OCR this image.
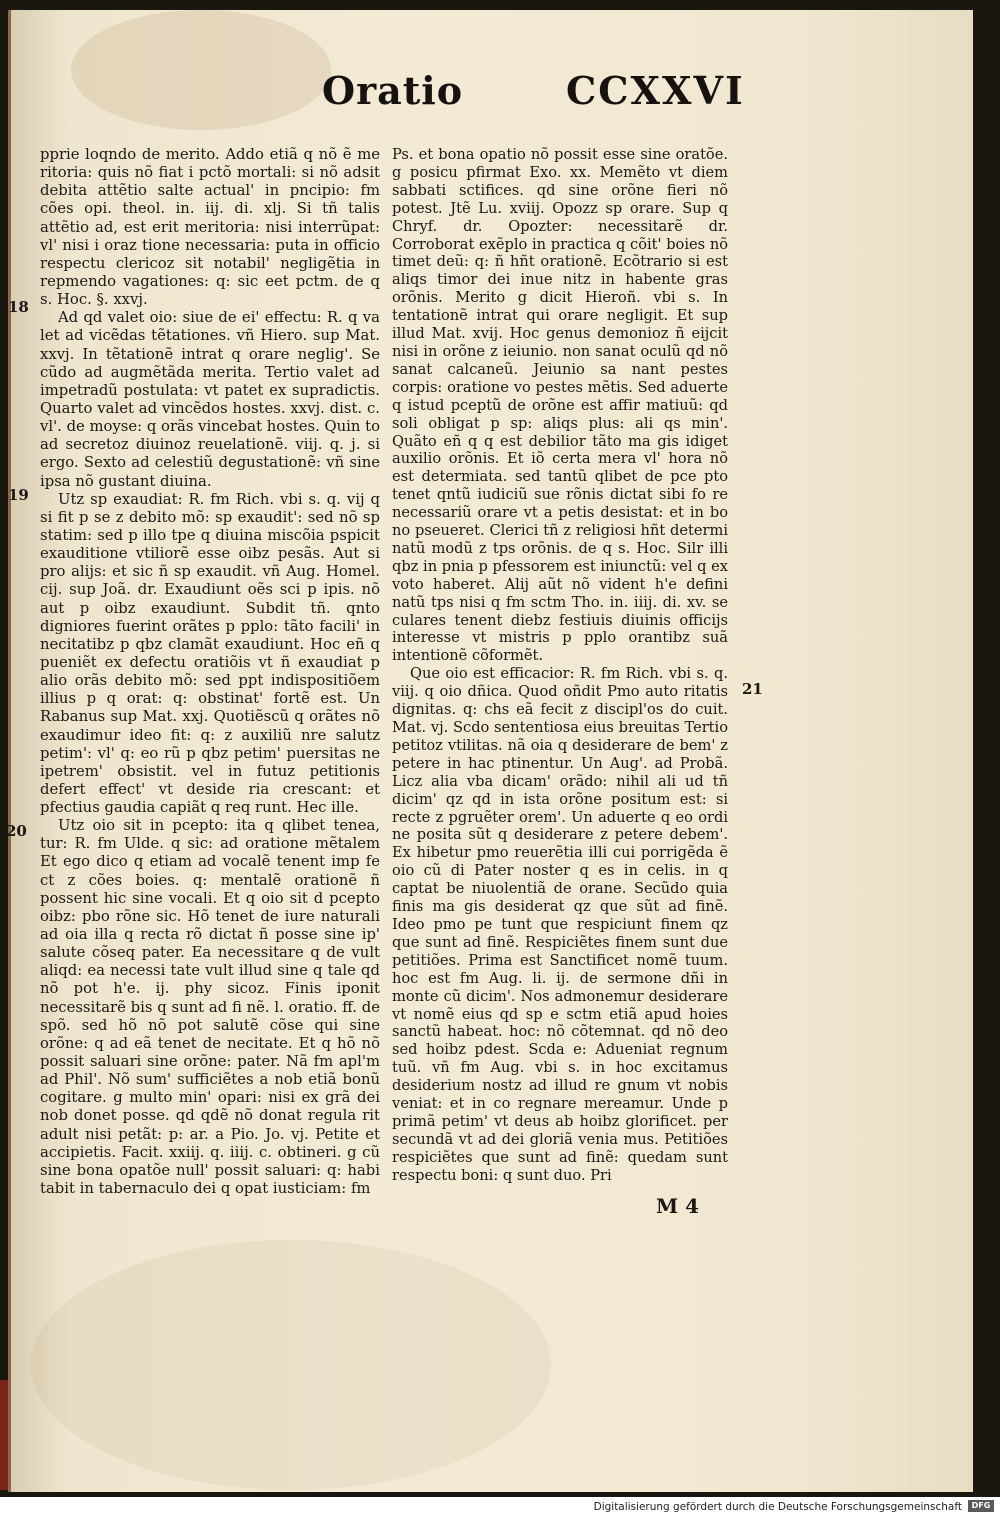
Oratio	CCXXVI

pprie loqndo de merito. Addo etiã q nõ ẽ me ritoria: quis nõ fiat i pctõ mortali: si nõ adsit debita attẽtio salte actual' in pncipio: fm cões opi. theol. in. iij. di. xlj. Si tñ talis attẽtio ad, est erit meritoria: nisi interrũpat: vl' nisi i oraz tione necessaria: puta in officio respectu clericoz sit notabil' negligẽtia in repmendo vagationes: q: sic eet pctm. de q s. Hoc. §. xxvj.

Ad qd valet oio: siue de ei' effectu: R. q va let ad vicẽdas tẽtationes. vñ Hiero. sup Mat. xxvj. In tẽtationẽ intrat q orare neglig'. Se cũdo ad augmẽtãda merita. Tertio valet ad impetradũ postulata: vt patet ex supradictis. Quarto valet ad vincẽdos hostes. xxvj. dist. c. vl'. de moyse: q orãs vincebat hostes. Quin to ad secretoz diuinoz reuelationẽ. viij. q. j. si ergo. Sexto ad celestiũ degustationẽ: vñ sine ipsa nõ gustant diuina.

Utz sp exaudiat: R. fm Rich. vbi s. q. vij q si fit p se z debito mõ: sp exaudit': sed nõ sp statim: sed p illo tpe q diuina miscõia pspicit exauditione vtiliorẽ esse oibz pesãs. Aut si pro alijs: et sic ñ sp exaudit. vñ Aug. Homel. cij. sup Joã. dr. Exaudiunt oẽs sci p ipis. nõ aut p oibz exaudiunt. Subdit tñ. qnto digniores fuerint orãtes p pplo: tãto facili' in necitatibz p qbz clamãt exaudiunt. Hoc eñ q pueniẽt ex defectu oratiõis vt ñ exaudiat p alio orãs debito mõ: sed ppt indispositiõem illius p q orat: q: obstinat' fortẽ est. Un Rabanus sup Mat. xxj. Quotiẽscũ q orãtes nõ exaudimur ideo fit: q: z auxiliũ nre salutz petim': vl' q: eo rũ p qbz petim' puersitas ne ipetrem' obsistit. vel in futuz petitionis defert effect' vt deside ria crescant: et pfectius gaudia capiãt q req runt. Hec ille.

Utz oio sit in pcepto: ita q qlibet tenea, tur: R. fm Ulde. q sic: ad oratione mẽtalem Et ego dico q etiam ad vocalẽ tenent imp fe ct z cões boies. q: mentalẽ orationẽ ñ possent hic sine vocali. Et q oio sit d pcepto oibz: pbo rõne sic. Hõ tenet de iure naturali ad oia illa q recta rõ dictat ñ posse sine ip' salute cõseq pater. Ea necessitare q de vult aliqd: ea necessi tate vult illud sine q tale qd nõ pot h'e. ij. phy sicoz. Finis iponit necessitarẽ bis q sunt ad fi nẽ. l. oratio. ff. de spõ. sed hõ nõ pot salutẽ cõse qui sine orõne: q ad eã tenet de necitate. Et q hõ nõ possit saluari sine orõne: pater. Nã fm apl'm ad Phil'. Nõ sum' sufficiẽtes a nob etiã bonũ cogitare. g multo min' opari: nisi ex grã dei nob donet posse. qd qdẽ nõ donat regula rit adult nisi petãt: p: ar. a Pio. Jo. vj. Petite et accipietis. Facit. xxiij. q. iiij. c. obtineri. g cũ sine bona opatõe null' possit saluari: q: habi tabit in tabernaculo dei q opat iusticiam: fm

Ps. et bona opatio nõ possit esse sine oratõe. g posicu pfirmat Exo. xx. Memẽto vt diem sabbati sctifices. qd sine orõne fieri nõ potest. Jtẽ Lu. xviij. Opozz sp orare. Sup q Chryf. dr. Opozter: necessitarẽ dr. Corroborat exẽplo in practica q cõit' boies nõ timet deũ: q: ñ hñt orationẽ. Ecõtrario si est aliqs timor dei inue nitz in habente gras orõnis. Merito g dicit Hieroñ. vbi s. In tentationẽ intrat qui orare negligit. Et sup illud Mat. xvij. Hoc genus demonioz ñ eijcit nisi in orõne z ieiunio. non sanat oculũ qd nõ sanat calcaneũ. Jeiunio sa nant pestes corpis: oratione vo pestes mẽtis. Sed aduerte q istud pceptũ de orõne est affir matiuũ: qd soli obligat p sp: aliqs plus: ali qs min'. Quãto eñ q q est debilior tãto ma gis idiget auxilio orõnis. Et iõ certa mera vl' hora nõ est determiata. sed tantũ qlibet de pce pto tenet qntũ iudiciũ sue rõnis dictat sibi fo re necessariũ orare vt a petis desistat: et in bo no pseueret. Clerici tñ z religiosi hñt determi natũ modũ z tps orõnis. de q s. Hoc. Silr illi qbz in pnia p pfessorem est iniunctũ: vel q ex voto haberet. Alij aũt nõ vident h'e defini natũ tps nisi q fm sctm Tho. in. iiij. di. xv. se culares tenent diebz festiuis diuinis officijs interesse vt mistris p pplo orantibz suã intentionẽ cõformẽt.

Que oio est efficacior: R. fm Rich. vbi s. q. viij. q oio dñica. Quod oñdit Pmo auto ritatis dignitas. q: chs eã fecit z discipl'os do cuit. Mat. vj. Scdo sententiosa eius breuitas Tertio petitoz vtilitas. nã oia q desiderare de bem' z petere in hac ptinentur. Un Aug'. ad Probã. Licz alia vba dicam' orãdo: nihil ali ud tñ dicim' qz qd in ista orõne positum est: si recte z pgruẽter orem'. Un aduerte q eo ordi ne posita sũt q desiderare z petere debem'. Ex hibetur pmo reuerẽtia illi cui porrigẽda ẽ oio cũ di Pater noster q es in celis. in q captat be niuolentiã de orane. Secũdo quia finis ma gis desiderat qz que sũt ad finẽ. Ideo pmo pe tunt que respiciunt finem qz que sunt ad finẽ. Respiciẽtes finem sunt due petitiões. Prima est Sanctificet nomẽ tuum. hoc est fm Aug. li. ij. de sermone dñi in monte cũ dicim'. Nos admonemur desiderare vt nomẽ eius qd sp e sctm etiã apud hoies sanctũ habeat. hoc: nõ cõtemnat. qd nõ deo sed hoibz pdest. Scda e: Adueniat regnum tuũ. vñ fm Aug. vbi s. in hoc excitamus desiderium nostz ad illud re gnum vt nobis veniat: et in co regnare mereamur. Unde p primã petim' vt deus ab hoibz glorificet. per secundã vt ad dei gloriã venia mus. Petitiões respiciẽtes que sunt ad finẽ: quedam sunt respectu boni: q sunt duo. Pri

18
19
20
21
M 4
Digitalisierung gefördert durch die Deutsche Forschungsgemeinschaft	DFG
